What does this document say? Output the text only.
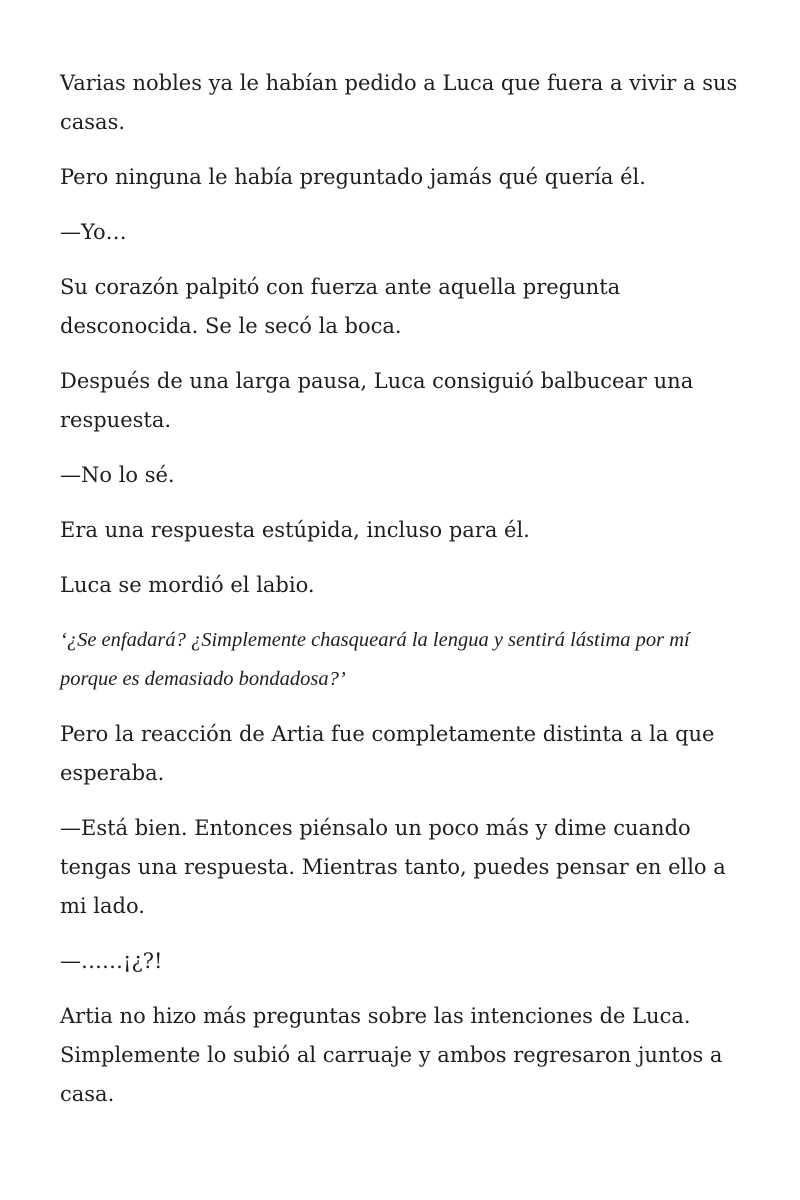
Varias nobles ya le habían pedido a Luca que fuera a vivir a sus casas.

Pero ninguna le había preguntado jamás qué quería él.

—Yo…

Su corazón palpitó con fuerza ante aquella pregunta desconocida. Se le secó la boca.

Después de una larga pausa, Luca consiguió balbucear una respuesta.

—No lo sé.

Era una respuesta estúpida, incluso para él.

Luca se mordió el labio.

‘¿Se enfadará? ¿Simplemente chasqueará la lengua y sentirá lástima por mí porque es demasiado bondadosa?’

Pero la reacción de Artia fue completamente distinta a la que esperaba.

—Está bien. Entonces piénsalo un poco más y dime cuando tengas una respuesta. Mientras tanto, puedes pensar en ello a mi lado.

—……¡¿?!

Artia no hizo más preguntas sobre las intenciones de Luca. Simplemente lo subió al carruaje y ambos regresaron juntos a casa.
